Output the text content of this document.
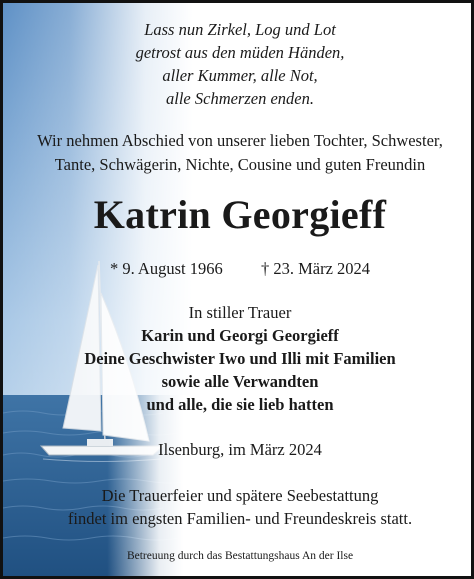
Lass nun Zirkel, Log und Lot
getrost aus den müden Händen,
aller Kummer, alle Not,
alle Schmerzen enden.
Wir nehmen Abschied von unserer lieben Tochter, Schwester,
Tante, Schwägerin, Nichte, Cousine und guten Freundin
Katrin Georgieff
* 9. August 1966 † 23. März 2024
In stiller Trauer
Karin und Georgi Georgieff
Deine Geschwister Iwo und Illi mit Familien
sowie alle Verwandten
und alle, die sie lieb hatten
Ilsenburg, im März 2024
Die Trauerfeier und spätere Seebestattung
findet im engsten Familien- und Freundeskreis statt.
Betreuung durch das Bestattungshaus An der Ilse
